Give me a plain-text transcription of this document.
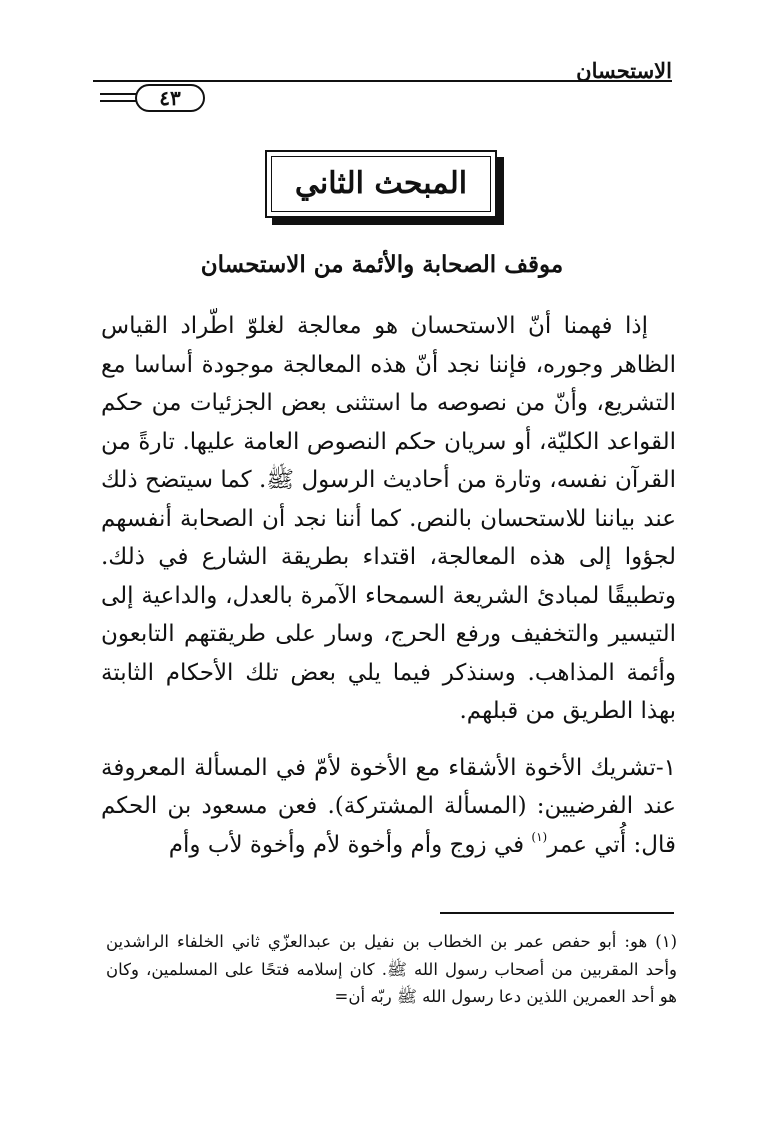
الاستحسان
٤٣
المبحث الثاني
موقف الصحابة والأئمة من الاستحسان

إذا فهمنا أنّ الاستحسان هو معالجة لغلوّ اطّراد القياس الظاهر وجوره، فإننا نجد أنّ هذه المعالجة موجودة أساسا مع التشريع، وأنّ من نصوصه ما استثنى بعض الجزئيات من حكم القواعد الكليّة، أو سريان حكم النصوص العامة عليها. تارةً من القرآن نفسه، وتارة من أحاديث الرسول ﷺ. كما سيتضح ذلك عند بياننا للاستحسان بالنص. كما أننا نجد أن الصحابة أنفسهم لجؤوا إلى هذه المعالجة، اقتداء بطريقة الشارع في ذلك. وتطبيقًا لمبادئ الشريعة السمحاء الآمرة بالعدل، والداعية إلى التيسير والتخفيف ورفع الحرج، وسار على طريقتهم التابعون وأئمة المذاهب. وسنذكر فيما يلي بعض تلك الأحكام الثابتة بهذا الطريق من قبلهم.

١-تشريك الأخوة الأشقاء مع الأخوة لأمّ في المسألة المعروفة عند الفرضيين: (المسألة المشتركة). فعن مسعود بن الحكم قال: أُتي عمر$^{(١)}$ في زوج وأم وأخوة لأم وأخوة لأب وأم

(١) هو: أبو حفص عمر بن الخطاب بن نفيل بن عبدالعزّي ثاني الخلفاء الراشدين وأحد المقربين من أصحاب رسول الله ﷺ. كان إسلامه فتحًا على المسلمين، وكان هو أحد العمرين اللذين دعا رسول الله ﷺ ربّه أن=
